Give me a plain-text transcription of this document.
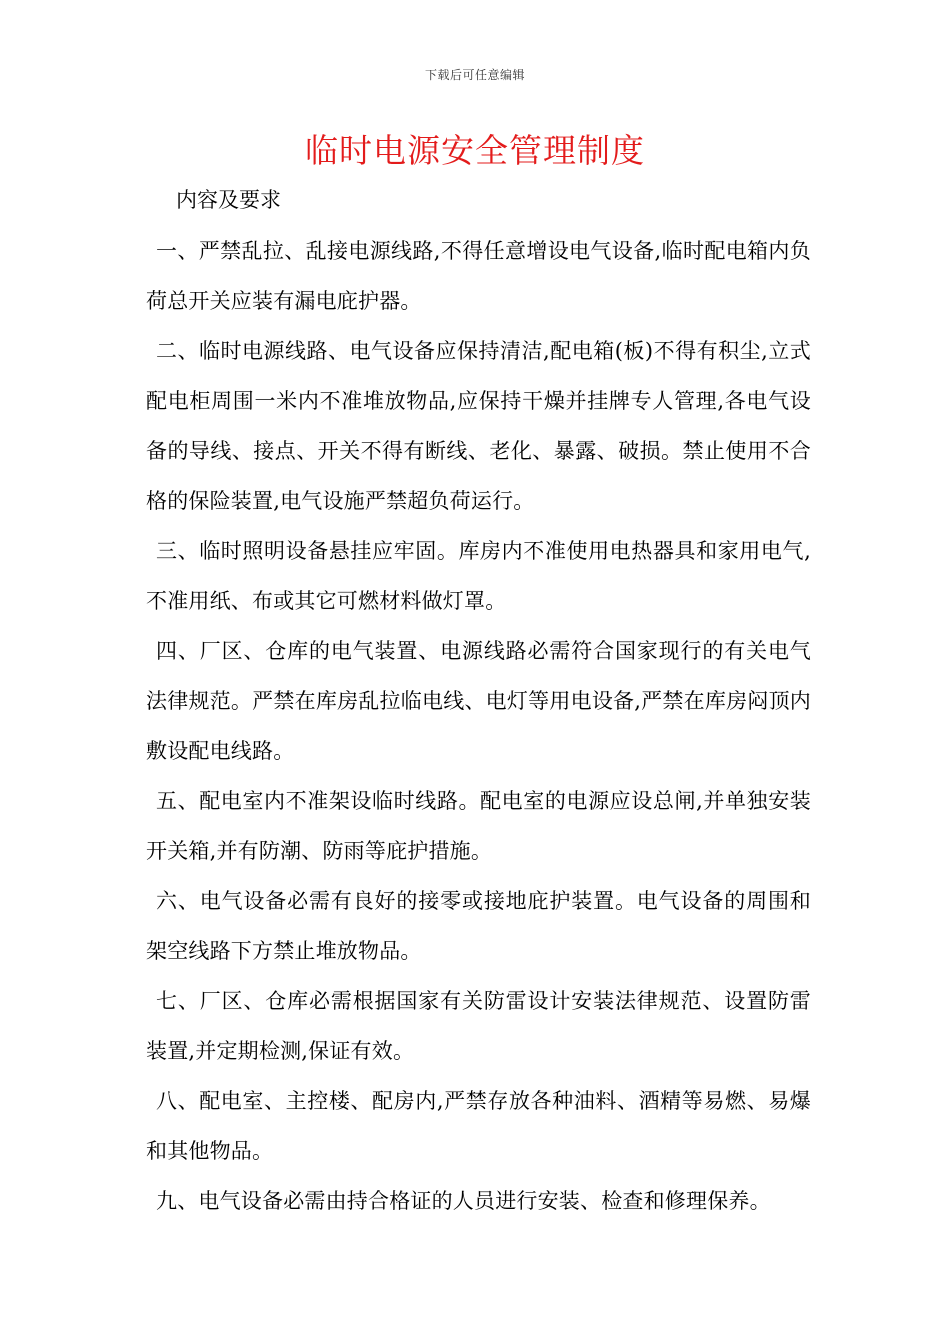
下载后可任意编辑
临时电源安全管理制度

内容及要求

一、严禁乱拉、乱接电源线路,不得任意增设电气设备,临时配电箱内负荷总开关应装有漏电庇护器。

二、临时电源线路、电气设备应保持清洁,配电箱(板)不得有积尘,立式配电柜周围一米内不准堆放物品,应保持干燥并挂牌专人管理,各电气设备的导线、接点、开关不得有断线、老化、暴露、破损。禁止使用不合格的保险装置,电气设施严禁超负荷运行。

三、临时照明设备悬挂应牢固。库房内不准使用电热器具和家用电气,不准用纸、布或其它可燃材料做灯罩。

四、厂区、仓库的电气装置、电源线路必需符合国家现行的有关电气法律规范。严禁在库房乱拉临电线、电灯等用电设备,严禁在库房闷顶内敷设配电线路。

五、配电室内不准架设临时线路。配电室的电源应设总闸,并单独安装开关箱,并有防潮、防雨等庇护措施。

六、电气设备必需有良好的接零或接地庇护装置。电气设备的周围和架空线路下方禁止堆放物品。

七、厂区、仓库必需根据国家有关防雷设计安装法律规范、设置防雷装置,并定期检测,保证有效。

八、配电室、主控楼、配房内,严禁存放各种油料、酒精等易燃、易爆和其他物品。

九、电气设备必需由持合格证的人员进行安装、检查和修理保养。
